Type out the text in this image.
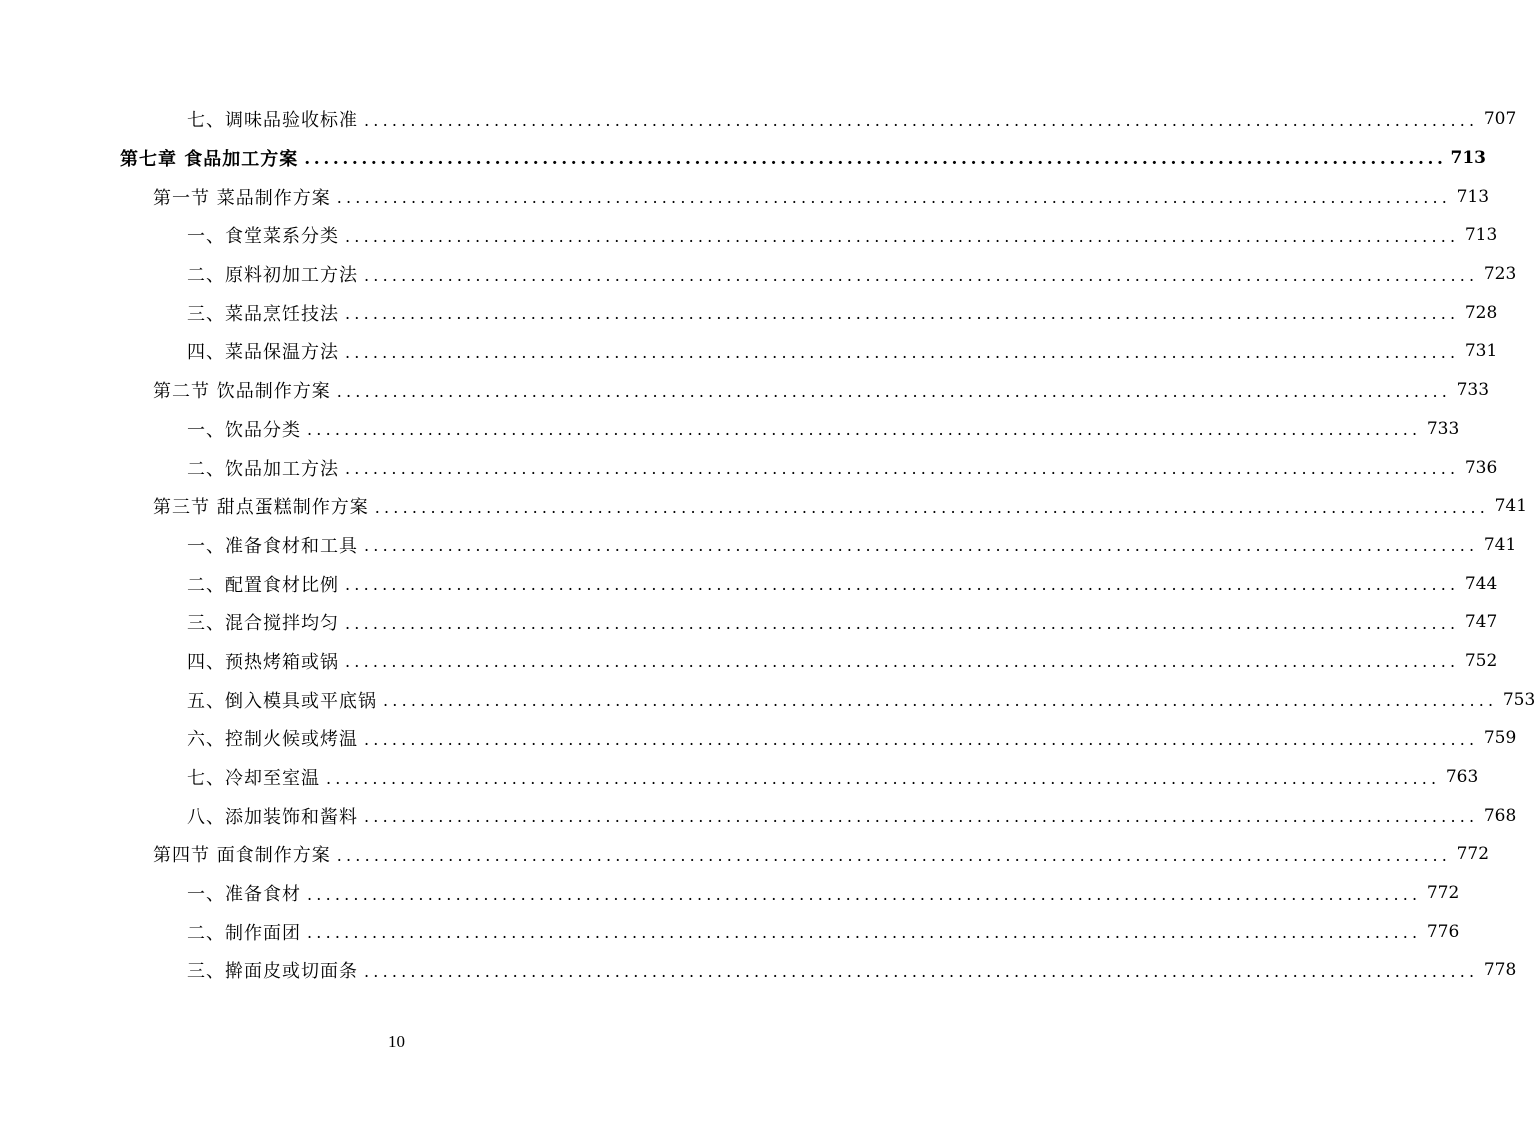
七、调味品验收标准 ........................................................................................................................ 707
第七章 食品加工方案 ........................................................................................................................ 713
第一节 菜品制作方案 ........................................................................................................................ 713
一、食堂菜系分类 ........................................................................................................................ 713
二、原料初加工方法 ........................................................................................................................ 723
三、菜品烹饪技法 ........................................................................................................................ 728
四、菜品保温方法 ........................................................................................................................ 731
第二节 饮品制作方案 ........................................................................................................................ 733
一、饮品分类 ........................................................................................................................ 733
二、饮品加工方法 ........................................................................................................................ 736
第三节 甜点蛋糕制作方案 ........................................................................................................................ 741
一、准备食材和工具 ........................................................................................................................ 741
二、配置食材比例 ........................................................................................................................ 744
三、混合搅拌均匀 ........................................................................................................................ 747
四、预热烤箱或锅 ........................................................................................................................ 752
五、倒入模具或平底锅 ........................................................................................................................ 753
六、控制火候或烤温 ........................................................................................................................ 759
七、冷却至室温 ........................................................................................................................ 763
八、添加装饰和酱料 ........................................................................................................................ 768
第四节 面食制作方案 ........................................................................................................................ 772
一、准备食材 ........................................................................................................................ 772
二、制作面团 ........................................................................................................................ 776
三、擀面皮或切面条 ........................................................................................................................ 778
10
